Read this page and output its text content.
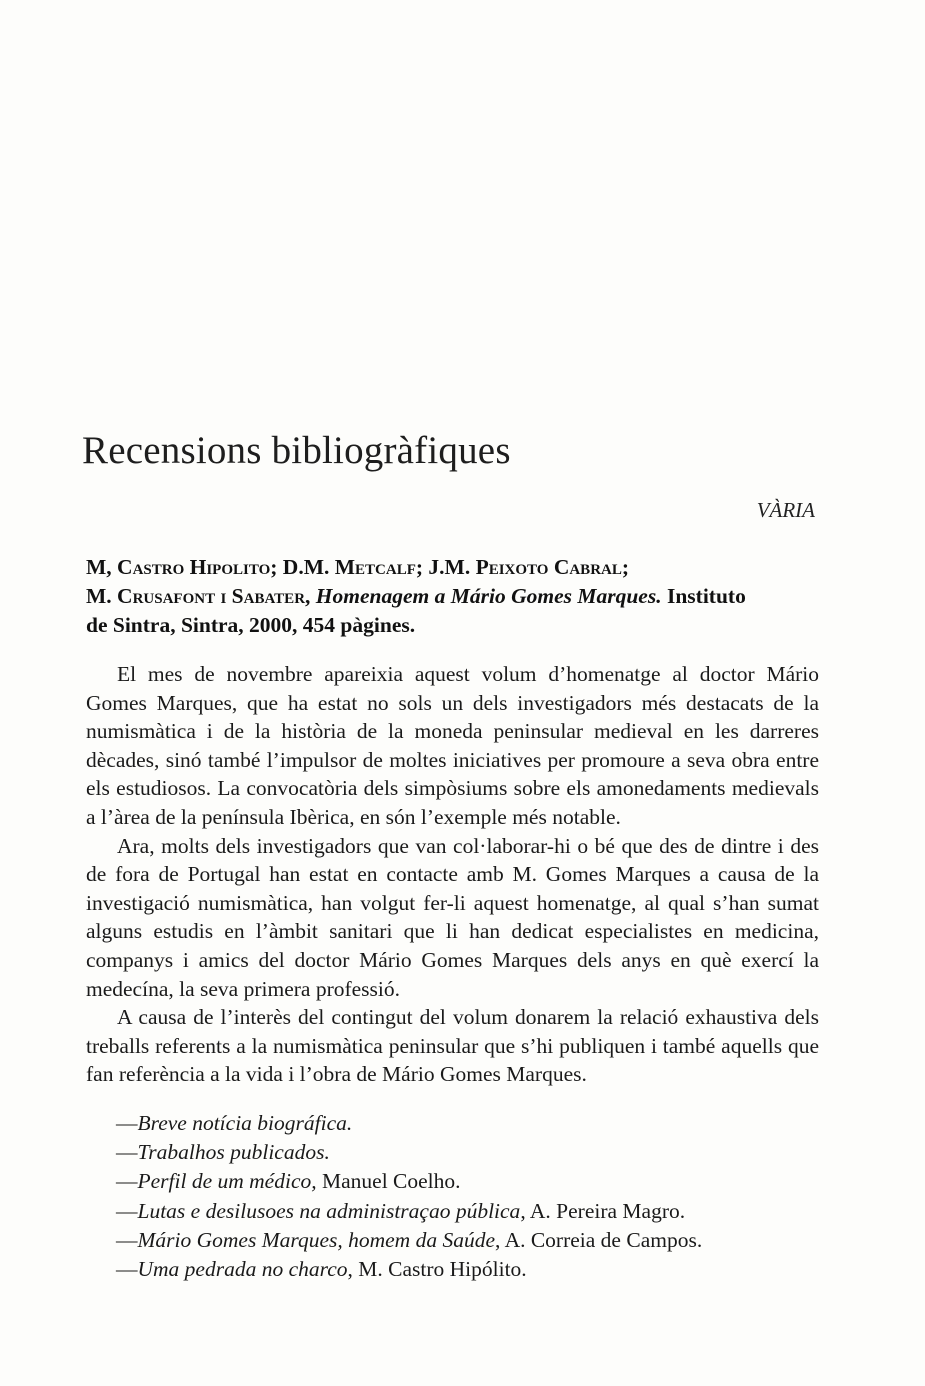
Recensions bibliogràfiques
VÀRIA
M, Castro Hipolito; D.M. Metcalf; J.M. Peixoto Cabral;
M. Crusafont i Sabater, Homenagem a Mário Gomes Marques. Instituto
de Sintra, Sintra, 2000, 454 pàgines.

El mes de novembre apareixia aquest volum d’homenatge al doctor Mário Gomes Marques, que ha estat no sols un dels investigadors més destacats de la numismàtica i de la història de la moneda peninsular medieval en les darreres dècades, sinó també l’impulsor de moltes iniciatives per promoure a seva obra entre els estudiosos. La convocatòria dels simpòsiums sobre els amonedaments medievals a l’àrea de la península Ibèrica, en són l’exemple més notable.

Ara, molts dels investigadors que van col·laborar-hi o bé que des de dintre i des de fora de Portugal han estat en contacte amb M. Gomes Marques a causa de la investigació numismàtica, han volgut fer-li aquest homenatge, al qual s’han sumat alguns estudis en l’àmbit sanitari que li han dedicat especialistes en medicina, companys i amics del doctor Mário Gomes Marques dels anys en què exercí la medecína, la seva primera professió.

A causa de l’interès del contingut del volum donarem la relació exhaustiva dels treballs referents a la numismàtica peninsular que s’hi publiquen i també aquells que fan referència a la vida i l’obra de Mário Gomes Marques.

—Breve notícia biográfica.
—Trabalhos publicados.
—Perfil de um médico, Manuel Coelho.
—Lutas e desilusoes na administraçao pública, A. Pereira Magro.
—Mário Gomes Marques, homem da Saúde, A. Correia de Campos.
—Uma pedrada no charco, M. Castro Hipólito.
